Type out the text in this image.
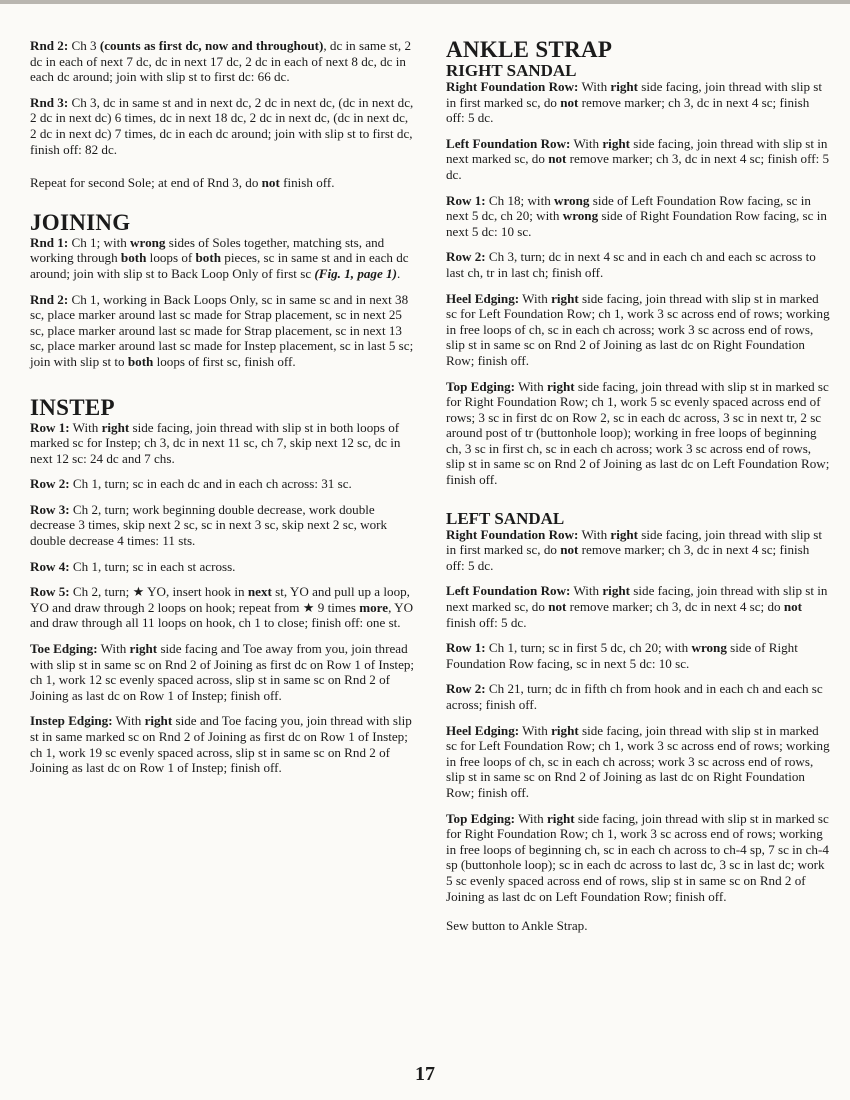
Rnd 2: Ch 3 (counts as first dc, now and throughout), dc in same st, 2 dc in each of next 7 dc, dc in next 17 dc, 2 dc in each of next 8 dc, dc in each dc around; join with slip st to first dc: 66 dc.

Rnd 3: Ch 3, dc in same st and in next dc, 2 dc in next dc, (dc in next dc, 2 dc in next dc) 6 times, dc in next 18 dc, 2 dc in next dc, (dc in next dc, 2 dc in next dc) 7 times, dc in each dc around; join with slip st to first dc, finish off: 82 dc.

Repeat for second Sole; at end of Rnd 3, do not finish off.

JOINING

Rnd 1: Ch 1; with wrong sides of Soles together, matching sts, and working through both loops of both pieces, sc in same st and in each dc around; join with slip st to Back Loop Only of first sc (Fig. 1, page 1).

Rnd 2: Ch 1, working in Back Loops Only, sc in same sc and in next 38 sc, place marker around last sc made for Strap placement, sc in next 25 sc, place marker around last sc made for Strap placement, sc in next 13 sc, place marker around last sc made for Instep placement, sc in last 5 sc; join with slip st to both loops of first sc, finish off.

INSTEP

Row 1: With right side facing, join thread with slip st in both loops of marked sc for Instep; ch 3, dc in next 11 sc, ch 7, skip next 12 sc, dc in next 12 sc: 24 dc and 7 chs.

Row 2: Ch 1, turn; sc in each dc and in each ch across: 31 sc.

Row 3: Ch 2, turn; work beginning double decrease, work double decrease 3 times, skip next 2 sc, sc in next 3 sc, skip next 2 sc, work double decrease 4 times: 11 sts.

Row 4: Ch 1, turn; sc in each st across.

Row 5: Ch 2, turn; ★ YO, insert hook in next st, YO and pull up a loop, YO and draw through 2 loops on hook; repeat from ★ 9 times more, YO and draw through all 11 loops on hook, ch 1 to close; finish off: one st.

Toe Edging: With right side facing and Toe away from you, join thread with slip st in same sc on Rnd 2 of Joining as first dc on Row 1 of Instep; ch 1, work 12 sc evenly spaced across, slip st in same sc on Rnd 2 of Joining as last dc on Row 1 of Instep; finish off.

Instep Edging: With right side and Toe facing you, join thread with slip st in same marked sc on Rnd 2 of Joining as first dc on Row 1 of Instep; ch 1, work 19 sc evenly spaced across, slip st in same sc on Rnd 2 of Joining as last dc on Row 1 of Instep; finish off.

ANKLE STRAP
RIGHT SANDAL

Right Foundation Row: With right side facing, join thread with slip st in first marked sc, do not remove marker; ch 3, dc in next 4 sc; finish off: 5 dc.

Left Foundation Row: With right side facing, join thread with slip st in next marked sc, do not remove marker; ch 3, dc in next 4 sc; finish off: 5 dc.

Row 1: Ch 18; with wrong side of Left Foundation Row facing, sc in next 5 dc, ch 20; with wrong side of Right Foundation Row facing, sc in next 5 dc: 10 sc.

Row 2: Ch 3, turn; dc in next 4 sc and in each ch and each sc across to last ch, tr in last ch; finish off.

Heel Edging: With right side facing, join thread with slip st in marked sc for Left Foundation Row; ch 1, work 3 sc across end of rows; working in free loops of ch, sc in each ch across; work 3 sc across end of rows, slip st in same sc on Rnd 2 of Joining as last dc on Right Foundation Row; finish off.

Top Edging: With right side facing, join thread with slip st in marked sc for Right Foundation Row; ch 1, work 5 sc evenly spaced across end of rows; 3 sc in first dc on Row 2, sc in each dc across, 3 sc in next tr, 2 sc around post of tr (buttonhole loop); working in free loops of beginning ch, 3 sc in first ch, sc in each ch across; work 3 sc across end of rows, slip st in same sc on Rnd 2 of Joining as last dc on Left Foundation Row; finish off.

LEFT SANDAL

Right Foundation Row: With right side facing, join thread with slip st in first marked sc, do not remove marker; ch 3, dc in next 4 sc; finish off: 5 dc.

Left Foundation Row: With right side facing, join thread with slip st in next marked sc, do not remove marker; ch 3, dc in next 4 sc; do not finish off: 5 dc.

Row 1: Ch 1, turn; sc in first 5 dc, ch 20; with wrong side of Right Foundation Row facing, sc in next 5 dc: 10 sc.

Row 2: Ch 21, turn; dc in fifth ch from hook and in each ch and each sc across; finish off.

Heel Edging: With right side facing, join thread with slip st in marked sc for Left Foundation Row; ch 1, work 3 sc across end of rows; working in free loops of ch, sc in each ch across; work 3 sc across end of rows, slip st in same sc on Rnd 2 of Joining as last dc on Right Foundation Row; finish off.

Top Edging: With right side facing, join thread with slip st in marked sc for Right Foundation Row; ch 1, work 3 sc across end of rows; working in free loops of beginning ch, sc in each ch across to ch-4 sp, 7 sc in ch-4 sp (buttonhole loop); sc in each dc across to last dc, 3 sc in last dc; work 5 sc evenly spaced across end of rows, slip st in same sc on Rnd 2 of Joining as last dc on Left Foundation Row; finish off.

Sew button to Ankle Strap.

17
